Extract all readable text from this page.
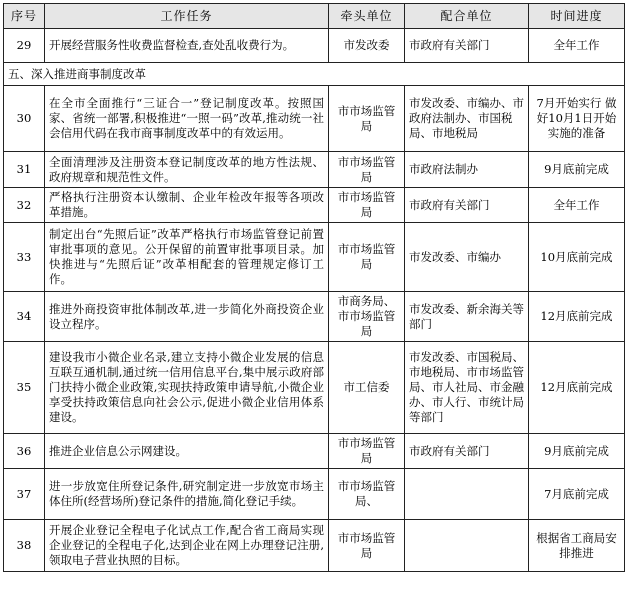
序号	工作任务	牵头单位	配合单位	时间进度
29	开展经营服务性收费监督检查,查处乱收费行为。	市发改委	市政府有关部门	全年工作
五、深入推进商事制度改革				
30	在全市全面推行“三证合一”登记制度改革。按照国家、省统一部署,积极推进“一照一码”改革,推动统一社会信用代码在我市商事制度改革中的有效运用。	市市场监管局	市发改委、市编办、市政府法制办、市国税局、市地税局	7月开始实行 做好10月1日开始实施的准备
31	全面清理涉及注册资本登记制度改革的地方性法规、政府规章和规范性文件。	市市场监管局	市政府法制办	9月底前完成
32	严格执行注册资本认缴制、企业年检改年报等各项改革措施。	市市场监管局	市政府有关部门	全年工作
33	制定出台“先照后证”改革严格执行市场监管登记前置审批事项的意见。公开保留的前置审批事项目录。加快推进与“先照后证”改革相配套的管理规定修订工作。	市市场监管局	市发改委、市编办	10月底前完成
34	推进外商投资审批体制改革,进一步简化外商投资企业设立程序。	市商务局、市市场监管局	市发改委、新余海关等部门	12月底前完成
35	建设我市小微企业名录,建立支持小微企业发展的信息互联互通机制,通过统一信用信息平台,集中展示政府部门扶持小微企业政策,实现扶持政策申请导航,小微企业享受扶持政策信息向社会公示,促进小微企业信用体系建设。	市工信委	市发改委、市国税局、市地税局、市市场监管局、市人社局、市金融办、市人行、市统计局等部门	12月底前完成
36	推进企业信息公示网建设。	市市场监管局	市政府有关部门	9月底前完成
37	进一步放宽住所登记条件,研究制定进一步放宽市场主体住所(经营场所)登记条件的措施,简化登记手续。	市市场监管局、		7月底前完成
38	开展企业登记全程电子化试点工作,配合省工商局实现企业登记的全程电子化,达到企业在网上办理登记注册,领取电子营业执照的目标。	市市场监管局		根据省工商局安排推进
